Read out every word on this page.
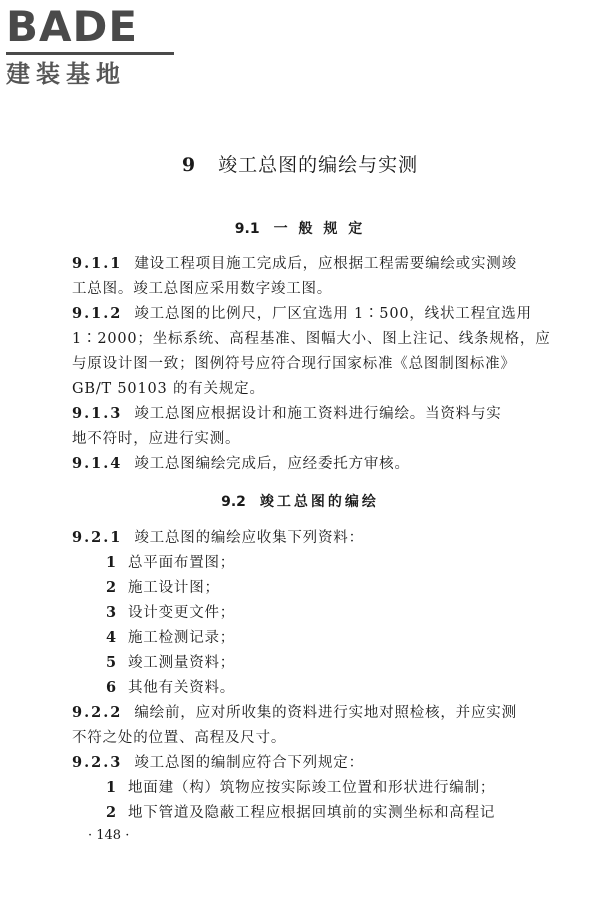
BADE
建装基地
9 竣工总图的编绘与实测
9.1 一 般 规 定
9.1.1 建设工程项目施工完成后，应根据工程需要编绘或实测竣
工总图。竣工总图应采用数字竣工图。
9.1.2 竣工总图的比例尺，厂区宜选用 1∶500，线状工程宜选用
1∶2000；坐标系统、高程基准、图幅大小、图上注记、线条规格，应
与原设计图一致；图例符号应符合现行国家标准《总图制图标准》
GB/T 50103 的有关规定。
9.1.3 竣工总图应根据设计和施工资料进行编绘。当资料与实
地不符时，应进行实测。
9.1.4 竣工总图编绘完成后，应经委托方审核。
9.2 竣工总图的编绘
9.2.1 竣工总图的编绘应收集下列资料：
1 总平面布置图；
2 施工设计图；
3 设计变更文件；
4 施工检测记录；
5 竣工测量资料；
6 其他有关资料。
9.2.2 编绘前，应对所收集的资料进行实地对照检核，并应实测
不符之处的位置、高程及尺寸。
9.2.3 竣工总图的编制应符合下列规定：
1 地面建（构）筑物应按实际竣工位置和形状进行编制；
2 地下管道及隐蔽工程应根据回填前的实测坐标和高程记
· 148 ·
